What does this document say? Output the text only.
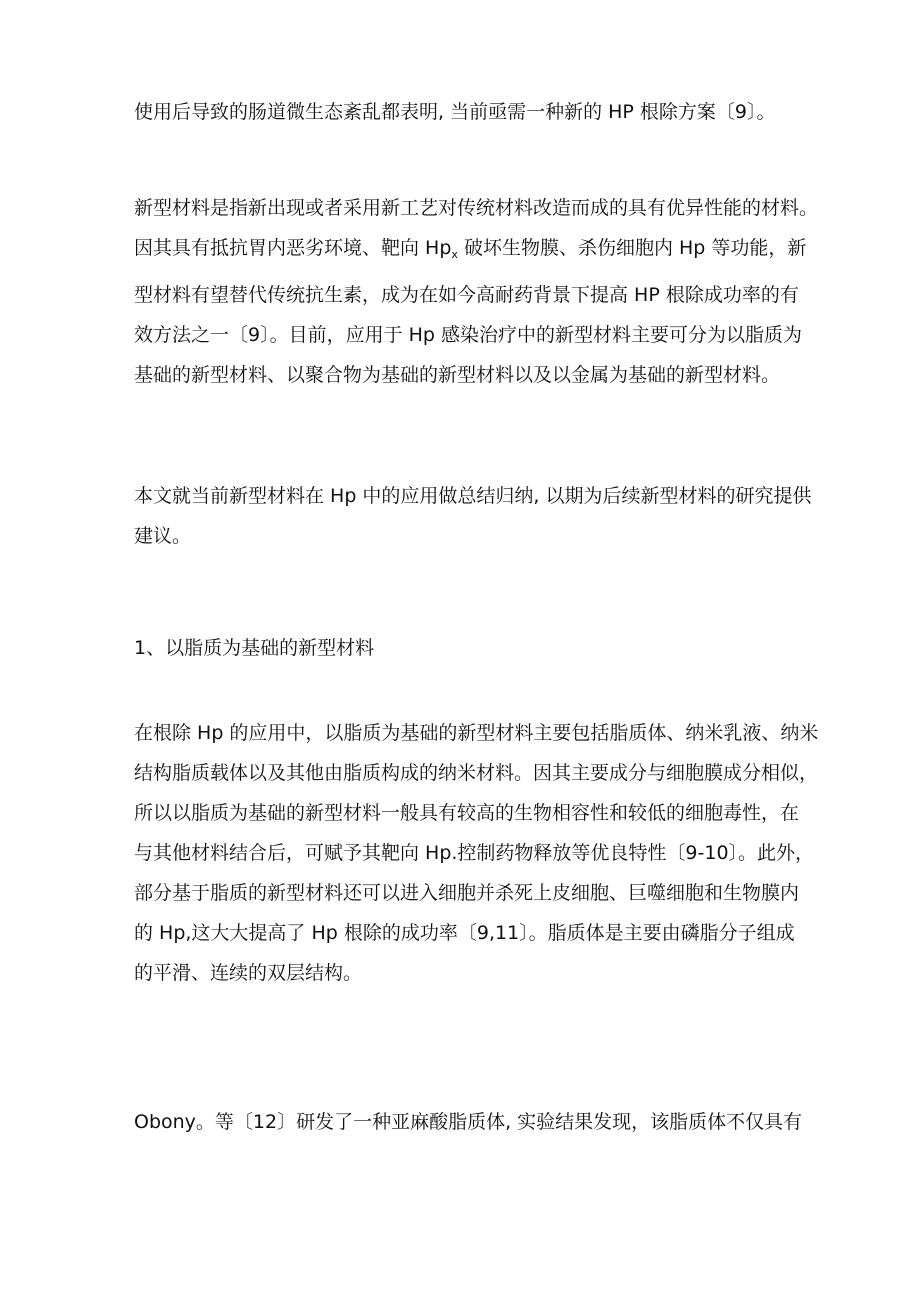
使用后导致的肠道微生态紊乱都表明, 当前亟需一种新的 HP 根除方案〔9〕。

新型材料是指新出现或者采用新工艺对传统材料改造而成的具有优异性能的材料。
因其具有抵抗胃内恶劣环境、靶向 $Hp_x$ 破坏生物膜、杀伤细胞内 Hp 等功能，新
型材料有望替代传统抗生素，成为在如今高耐药背景下提高 HP 根除成功率的有
效方法之一〔9〕。目前，应用于 Hp 感染治疗中的新型材料主要可分为以脂质为
基础的新型材料、以聚合物为基础的新型材料以及以金属为基础的新型材料。

本文就当前新型材料在 Hp 中的应用做总结归纳, 以期为后续新型材料的研究提供
建议。

1、以脂质为基础的新型材料

在根除 Hp 的应用中，以脂质为基础的新型材料主要包括脂质体、纳米乳液、纳米
结构脂质载体以及其他由脂质构成的纳米材料。因其主要成分与细胞膜成分相似，
所以以脂质为基础的新型材料一般具有较高的生物相容性和较低的细胞毒性，在
与其他材料结合后，可赋予其靶向 Hp.控制药物释放等优良特性〔9-10〕。此外，
部分基于脂质的新型材料还可以进入细胞并杀死上皮细胞、巨噬细胞和生物膜内
的 Hp,这大大提高了 Hp 根除的成功率〔9,11〕。脂质体是主要由磷脂分子组成
的平滑、连续的双层结构。

Obony。等〔12〕研发了一种亚麻酸脂质体, 实验结果发现，该脂质体不仅具有
